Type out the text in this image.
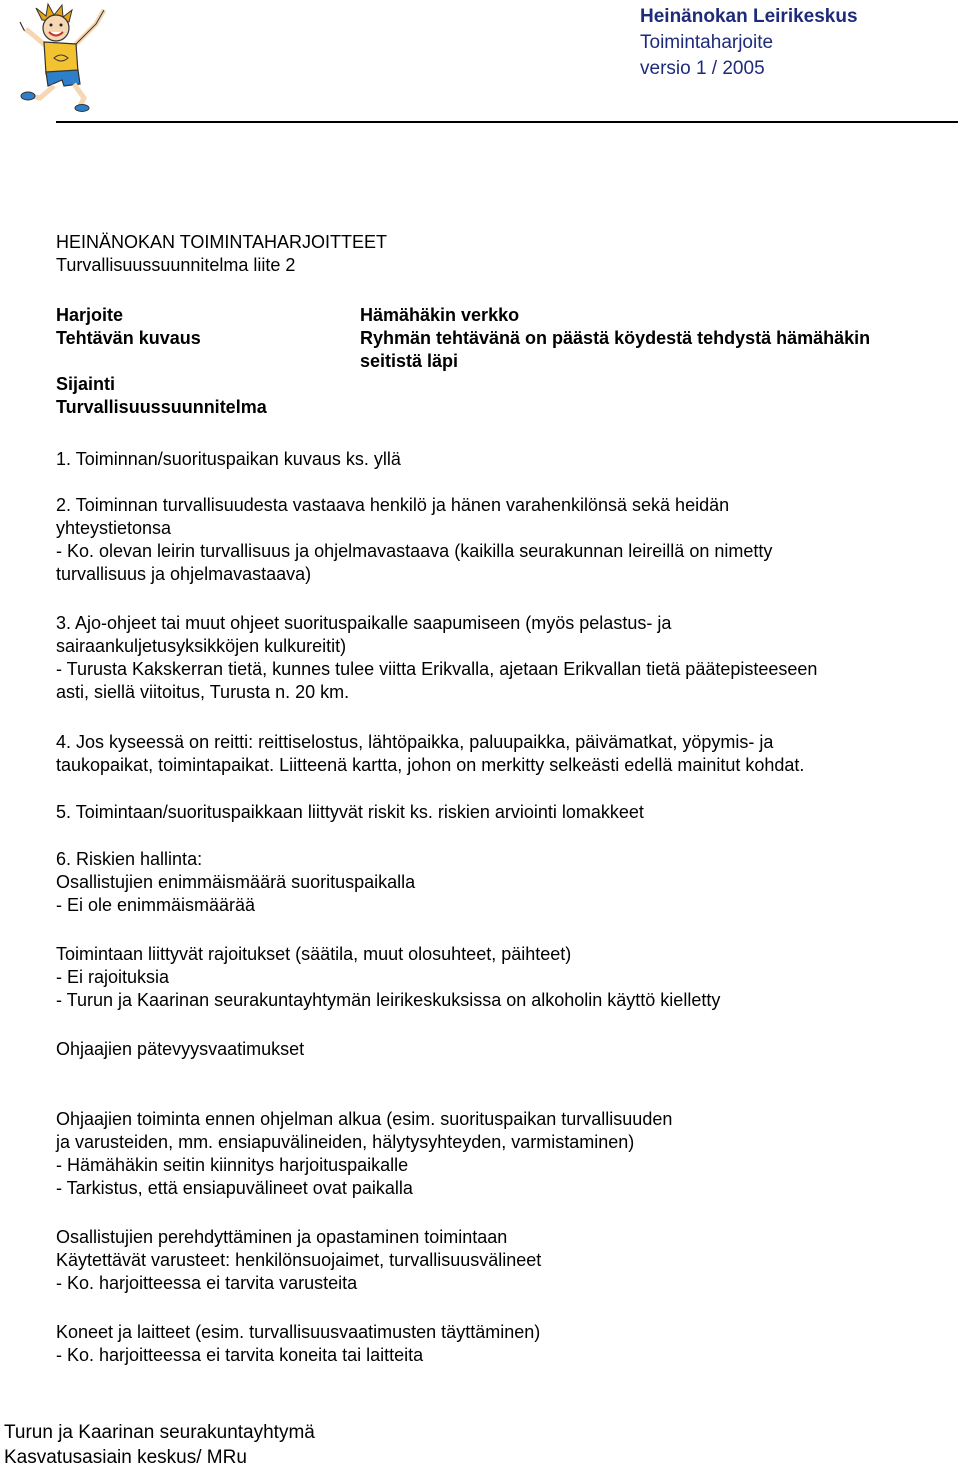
Heinänokan Leirikeskus
Toimintaharjoite
versio 1 / 2005

HEINÄNOKAN TOIMINTAHARJOITTEET

Turvallisuussuunnitelma liite 2

Harjoite

Tehtävän kuvaus

Sijainti

Turvallisuussuunnitelma

Hämähäkin verkko

Ryhmän tehtävänä on päästä köydestä tehdystä hämähäkin

seitistä läpi

1. Toiminnan/suorituspaikan kuvaus ks. yllä

2. Toiminnan turvallisuudesta vastaava henkilö ja hänen varahenkilönsä sekä heidän

yhteystietonsa

- Ko. olevan leirin turvallisuus ja ohjelmavastaava (kaikilla seurakunnan leireillä on nimetty

turvallisuus ja ohjelmavastaava)

3. Ajo-ohjeet tai muut ohjeet suorituspaikalle saapumiseen (myös pelastus- ja

sairaankuljetusyksikköjen kulkureitit)

- Turusta Kakskerran tietä, kunnes tulee viitta Erikvalla, ajetaan Erikvallan tietä päätepisteeseen

asti, siellä viitoitus, Turusta n. 20 km.

4. Jos kyseessä on reitti: reittiselostus, lähtöpaikka, paluupaikka, päivämatkat, yöpymis- ja

taukopaikat, toimintapaikat. Liitteenä kartta, johon on merkitty selkeästi edellä mainitut kohdat.

5. Toimintaan/suorituspaikkaan liittyvät riskit ks. riskien arviointi lomakkeet

6. Riskien hallinta:

Osallistujien enimmäismäärä suorituspaikalla

- Ei ole enimmäismäärää

Toimintaan liittyvät rajoitukset (säätila, muut olosuhteet, päihteet)

- Ei rajoituksia

- Turun ja Kaarinan seurakuntayhtymän leirikeskuksissa on alkoholin käyttö kielletty

Ohjaajien pätevyysvaatimukset

Ohjaajien toiminta ennen ohjelman alkua (esim. suorituspaikan turvallisuuden

ja varusteiden, mm. ensiapuvälineiden, hälytysyhteyden, varmistaminen)

- Hämähäkin seitin kiinnitys harjoituspaikalle

- Tarkistus, että ensiapuvälineet ovat paikalla

Osallistujien perehdyttäminen ja opastaminen toimintaan

Käytettävät varusteet: henkilönsuojaimet, turvallisuusvälineet

- Ko. harjoitteessa ei tarvita varusteita

Koneet ja laitteet (esim. turvallisuusvaatimusten täyttäminen)

- Ko. harjoitteessa ei tarvita koneita tai laitteita

Turun ja Kaarinan seurakuntayhtymä
Kasvatusasiain keskus/ MRu
